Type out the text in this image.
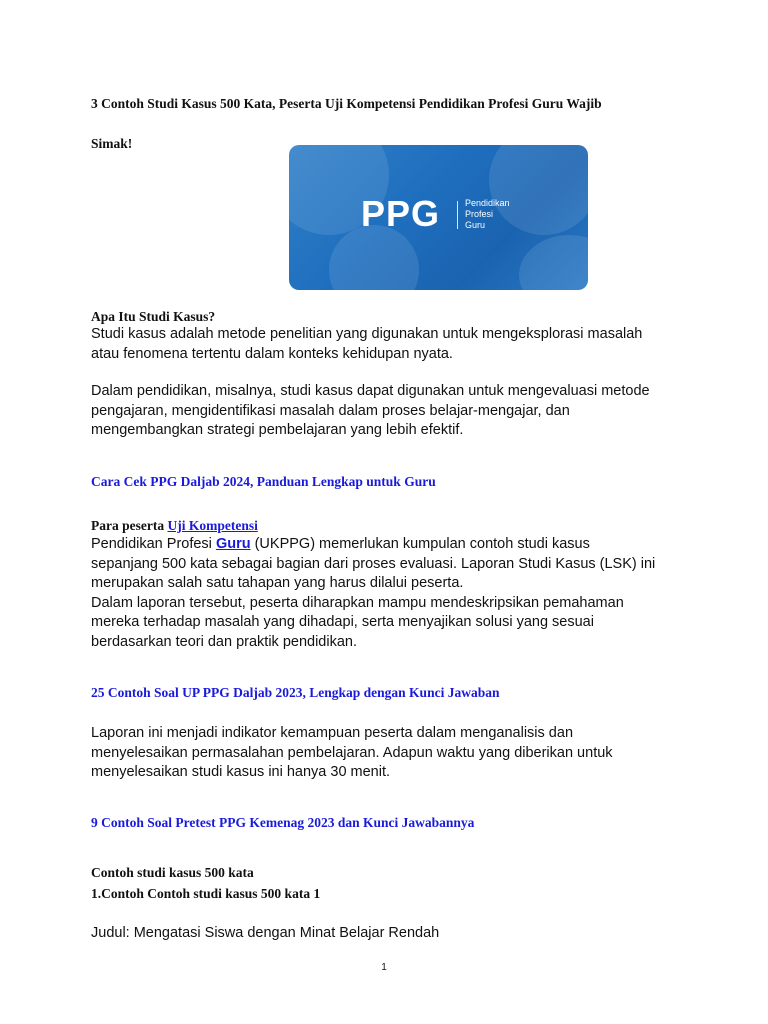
3 Contoh Studi Kasus 500 Kata, Peserta Uji Kompetensi Pendidikan Profesi Guru Wajib
Simak!
PPG	Pendidikan
Profesi
Guru
Apa Itu Studi Kasus?
Studi kasus adalah metode penelitian yang digunakan untuk mengeksplorasi masalah
atau fenomena tertentu dalam konteks kehidupan nyata.
Dalam pendidikan, misalnya, studi kasus dapat digunakan untuk mengevaluasi metode
pengajaran, mengidentifikasi masalah dalam proses belajar-mengajar, dan
mengembangkan strategi pembelajaran yang lebih efektif.
Cara Cek PPG Daljab 2024, Panduan Lengkap untuk Guru
Para peserta Uji Kompetensi
Pendidikan Profesi Guru (UKPPG) memerlukan kumpulan contoh studi kasus
sepanjang 500 kata sebagai bagian dari proses evaluasi. Laporan Studi Kasus (LSK) ini
merupakan salah satu tahapan yang harus dilalui peserta.
Dalam laporan tersebut, peserta diharapkan mampu mendeskripsikan pemahaman
mereka terhadap masalah yang dihadapi, serta menyajikan solusi yang sesuai
berdasarkan teori dan praktik pendidikan.
25 Contoh Soal UP PPG Daljab 2023, Lengkap dengan Kunci Jawaban
Laporan ini menjadi indikator kemampuan peserta dalam menganalisis dan
menyelesaikan permasalahan pembelajaran. Adapun waktu yang diberikan untuk
menyelesaikan studi kasus ini hanya 30 menit.
9 Contoh Soal Pretest PPG Kemenag 2023 dan Kunci Jawabannya
Contoh studi kasus 500 kata
1.Contoh Contoh studi kasus 500 kata 1
Judul: Mengatasi Siswa dengan Minat Belajar Rendah
1
